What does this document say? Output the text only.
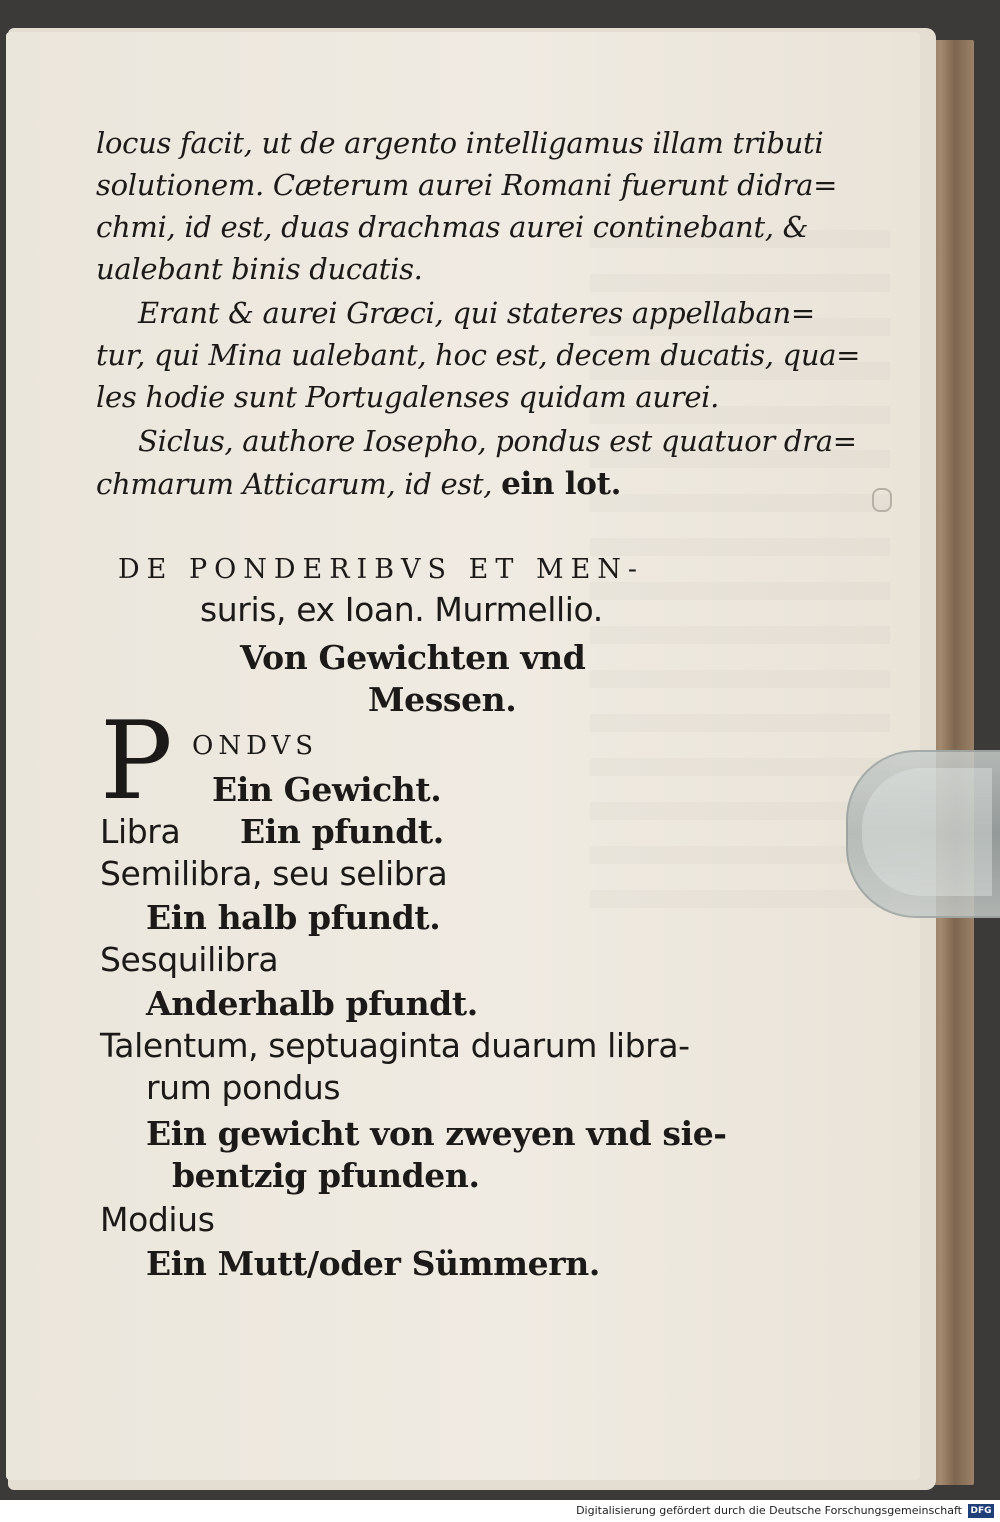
locus facit, ut de argento intelligamus illam tributi
solutionem. Cæterum aurei Romani fuerunt didra=
chmi, id est, duas drachmas aurei continebant, &
ualebant binis ducatis.
Erant & aurei Græci, qui stateres appellaban=
tur, qui Mina ualebant, hoc est, decem ducatis, qua=
les hodie sunt Portugalenses quidam aurei.
Siclus, authore Iosepho, pondus est quatuor dra=
chmarum Atticarum, id est, ein lot.
DE PONDERIBVS ET MEN-
suris, ex Ioan. Murmellio.
Von Gewichten vnd
Messen.
P ONDVS
Ein Gewicht.
Libra Ein pfundt.
Semilibra, seu selibra
Ein halb pfundt.
Sesquilibra
Anderhalb pfundt.
Talentum, septuaginta duarum libra-
rum pondus
Ein gewicht von zweyen vnd sie-
bentzig pfunden.
Modius
Ein Mutt/oder Sümmern.
Digitalisierung gefördert durch die Deutsche Forschungsgemeinschaft DFG
